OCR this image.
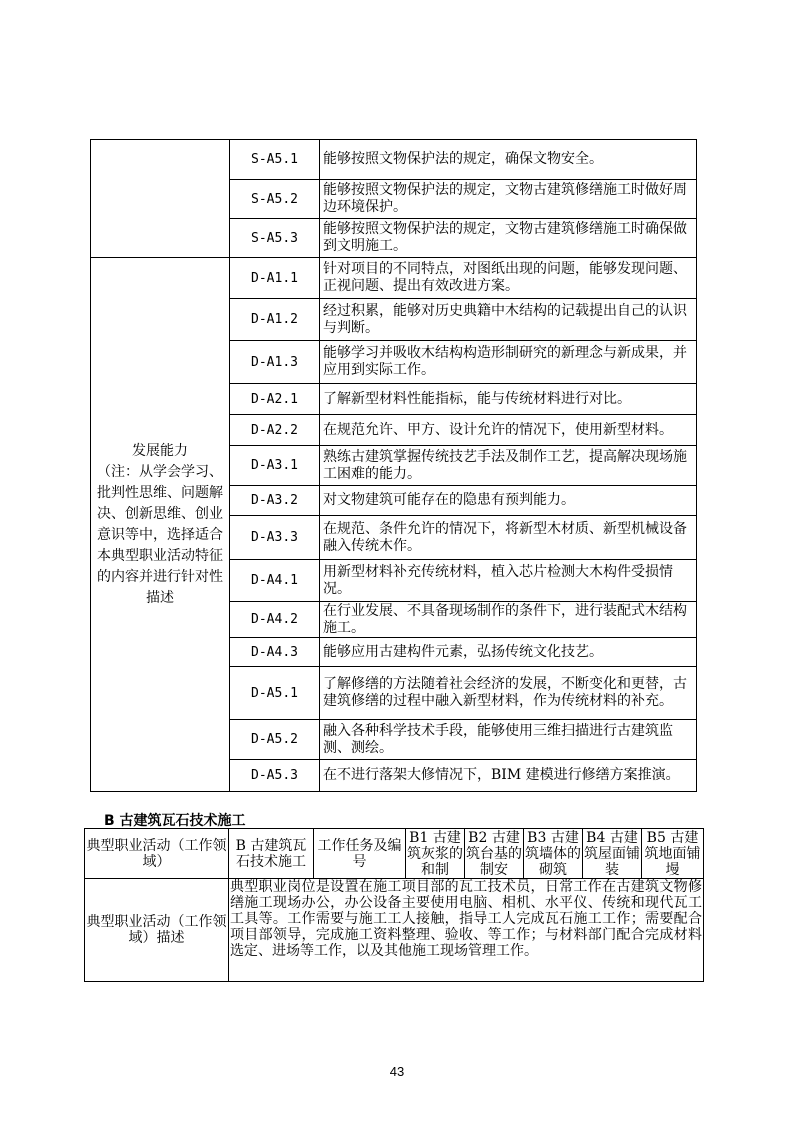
	S-A5.1	能够按照文物保护法的规定，确保文物安全。
	S-A5.2	能够按照文物保护法的规定，文物古建筑修缮施工时做好周边环境保护。
	S-A5.3	能够按照文物保护法的规定，文物古建筑修缮施工时确保做到文明施工。

发展能力
（注：从学会学习、批判性思维、问题解决、创新思维、创业意识等中，选择适合本典型职业活动特征的内容并进行针对性描述	D-A1.1	针对项目的不同特点，对图纸出现的问题，能够发现问题、正视问题、提出有效改进方案。
	D-A1.2	经过积累，能够对历史典籍中木结构的记载提出自己的认识与判断。
	D-A1.3	能够学习并吸收木结构构造形制研究的新理念与新成果，并应用到实际工作。
	D-A2.1	了解新型材料性能指标，能与传统材料进行对比。
	D-A2.2	在规范允许、甲方、设计允许的情况下，使用新型材料。
	D-A3.1	熟练古建筑掌握传统技艺手法及制作工艺，提高解决现场施工困难的能力。
	D-A3.2	对文物建筑可能存在的隐患有预判能力。
	D-A3.3	在规范、条件允许的情况下，将新型木材质、新型机械设备融入传统木作。
	D-A4.1	用新型材料补充传统材料，植入芯片检测大木构件受损情况。
	D-A4.2	在行业发展、不具备现场制作的条件下，进行装配式木结构施工。
	D-A4.3	能够应用古建构件元素，弘扬传统文化技艺。
	D-A5.1	了解修缮的方法随着社会经济的发展，不断变化和更替，古建筑修缮的过程中融入新型材料，作为传统材料的补充。
	D-A5.2	融入各种科学技术手段，能够使用三维扫描进行古建筑监测、测绘。
	D-A5.3	在不进行落架大修情况下，BIM 建模进行修缮方案推演。
B 古建筑瓦石技术施工
典型职业活动（工作领域）	B 古建筑瓦石技术施工	工作任务及编号	B1 古建筑灰浆的和制	B2 古建筑台基的制安	B3 古建筑墙体的砌筑	B4 古建筑屋面铺装	B5 古建筑地面铺墁
典型职业活动（工作领域）描述	典型职业岗位是设置在施工项目部的瓦工技术员，日常工作在古建筑文物修缮施工现场办公，办公设备主要使用电脑、相机、水平仪、传统和现代瓦工工具等。工作需要与施工工人接触，指导工人完成瓦石施工工作；需要配合项目部领导，完成施工资料整理、验收、等工作；与材料部门配合完成材料选定、进场等工作，以及其他施工现场管理工作。						
43
